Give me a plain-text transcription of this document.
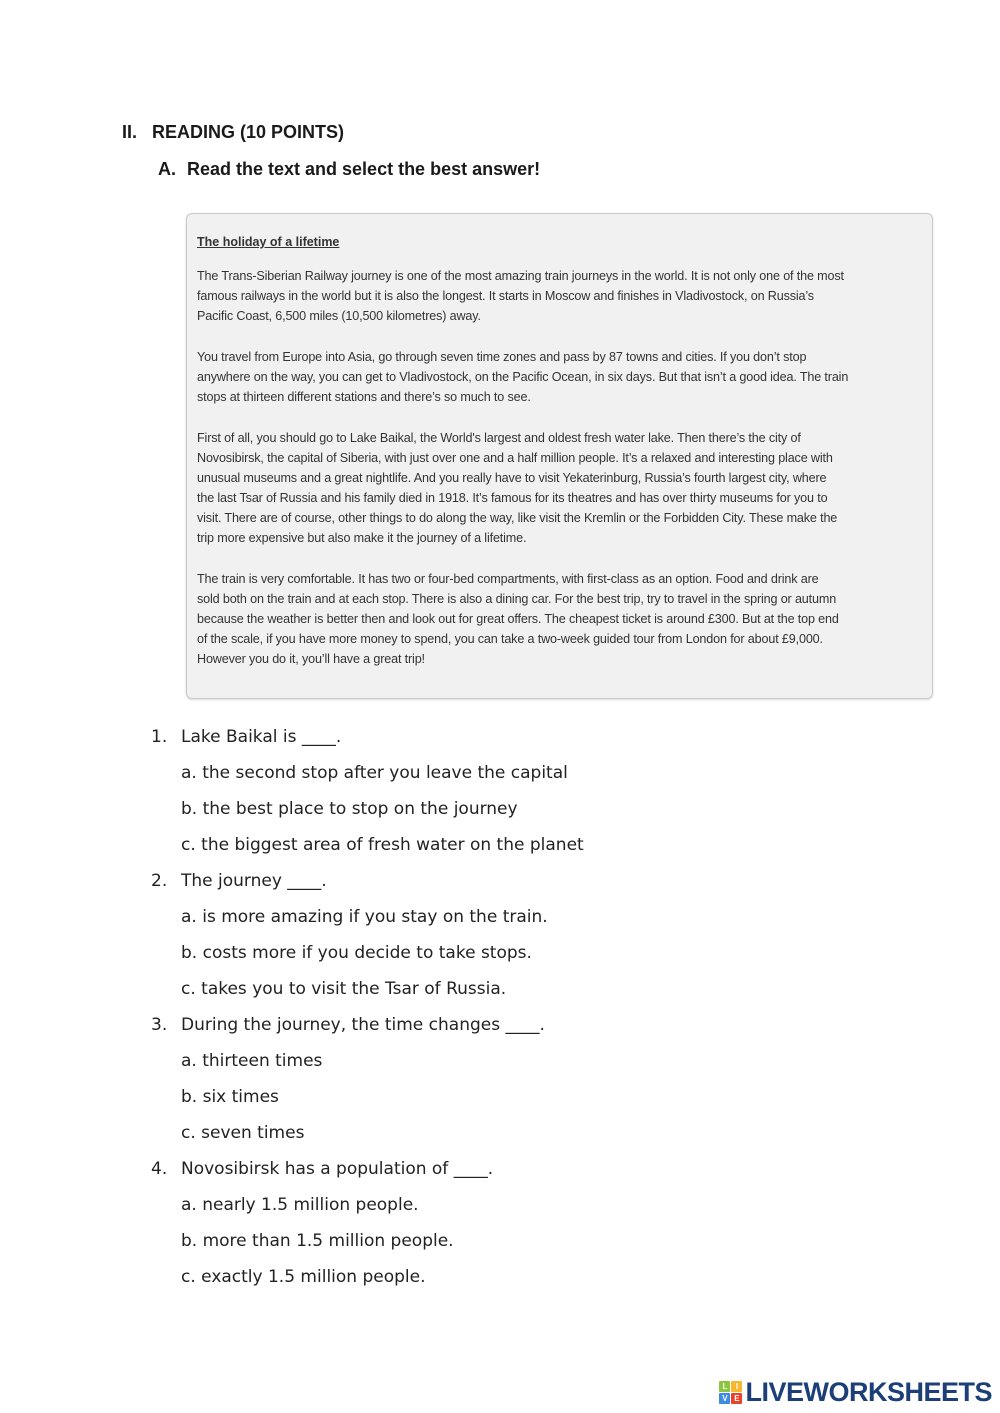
II. READING (10 POINTS)
A. Read the text and select the best answer!
The holiday of a lifetime
The Trans-Siberian Railway journey is one of the most amazing train journeys in the world. It is not only one of the most
famous railways in the world but it is also the longest. It starts in Moscow and finishes in Vladivostock, on Russia’s
Pacific Coast, 6,500 miles (10,500 kilometres) away.
You travel from Europe into Asia, go through seven time zones and pass by 87 towns and cities. If you don’t stop
anywhere on the way, you can get to Vladivostock, on the Pacific Ocean, in six days. But that isn’t a good idea. The train
stops at thirteen different stations and there’s so much to see.
First of all, you should go to Lake Baikal, the World's largest and oldest fresh water lake. Then there’s the city of
Novosibirsk, the capital of Siberia, with just over one and a half million people. It’s a relaxed and interesting place with
unusual museums and a great nightlife. And you really have to visit Yekaterinburg, Russia’s fourth largest city, where
the last Tsar of Russia and his family died in 1918. It’s famous for its theatres and has over thirty museums for you to
visit. There are of course, other things to do along the way, like visit the Kremlin or the Forbidden City. These make the
trip more expensive but also make it the journey of a lifetime.
The train is very comfortable. It has two or four-bed compartments, with first-class as an option. Food and drink are
sold both on the train and at each stop. There is also a dining car. For the best trip, try to travel in the spring or autumn
because the weather is better then and look out for great offers. The cheapest ticket is around £300. But at the top end
of the scale, if you have more money to spend, you can take a two-week guided tour from London for about £9,000.
However you do it, you’ll have a great trip!
1. Lake Baikal is ____.
a. the second stop after you leave the capital
b. the best place to stop on the journey
c. the biggest area of fresh water on the planet
2. The journey ____.
a. is more amazing if you stay on the train.
b. costs more if you decide to take stops.
c. takes you to visit the Tsar of Russia.
3. During the journey, the time changes ____.
a. thirteen times
b. six times
c. seven times
4. Novosibirsk has a population of ____.
a. nearly 1.5 million people.
b. more than 1.5 million people.
c. exactly 1.5 million people.
L	I
V E LIVEWORKSHEETS
